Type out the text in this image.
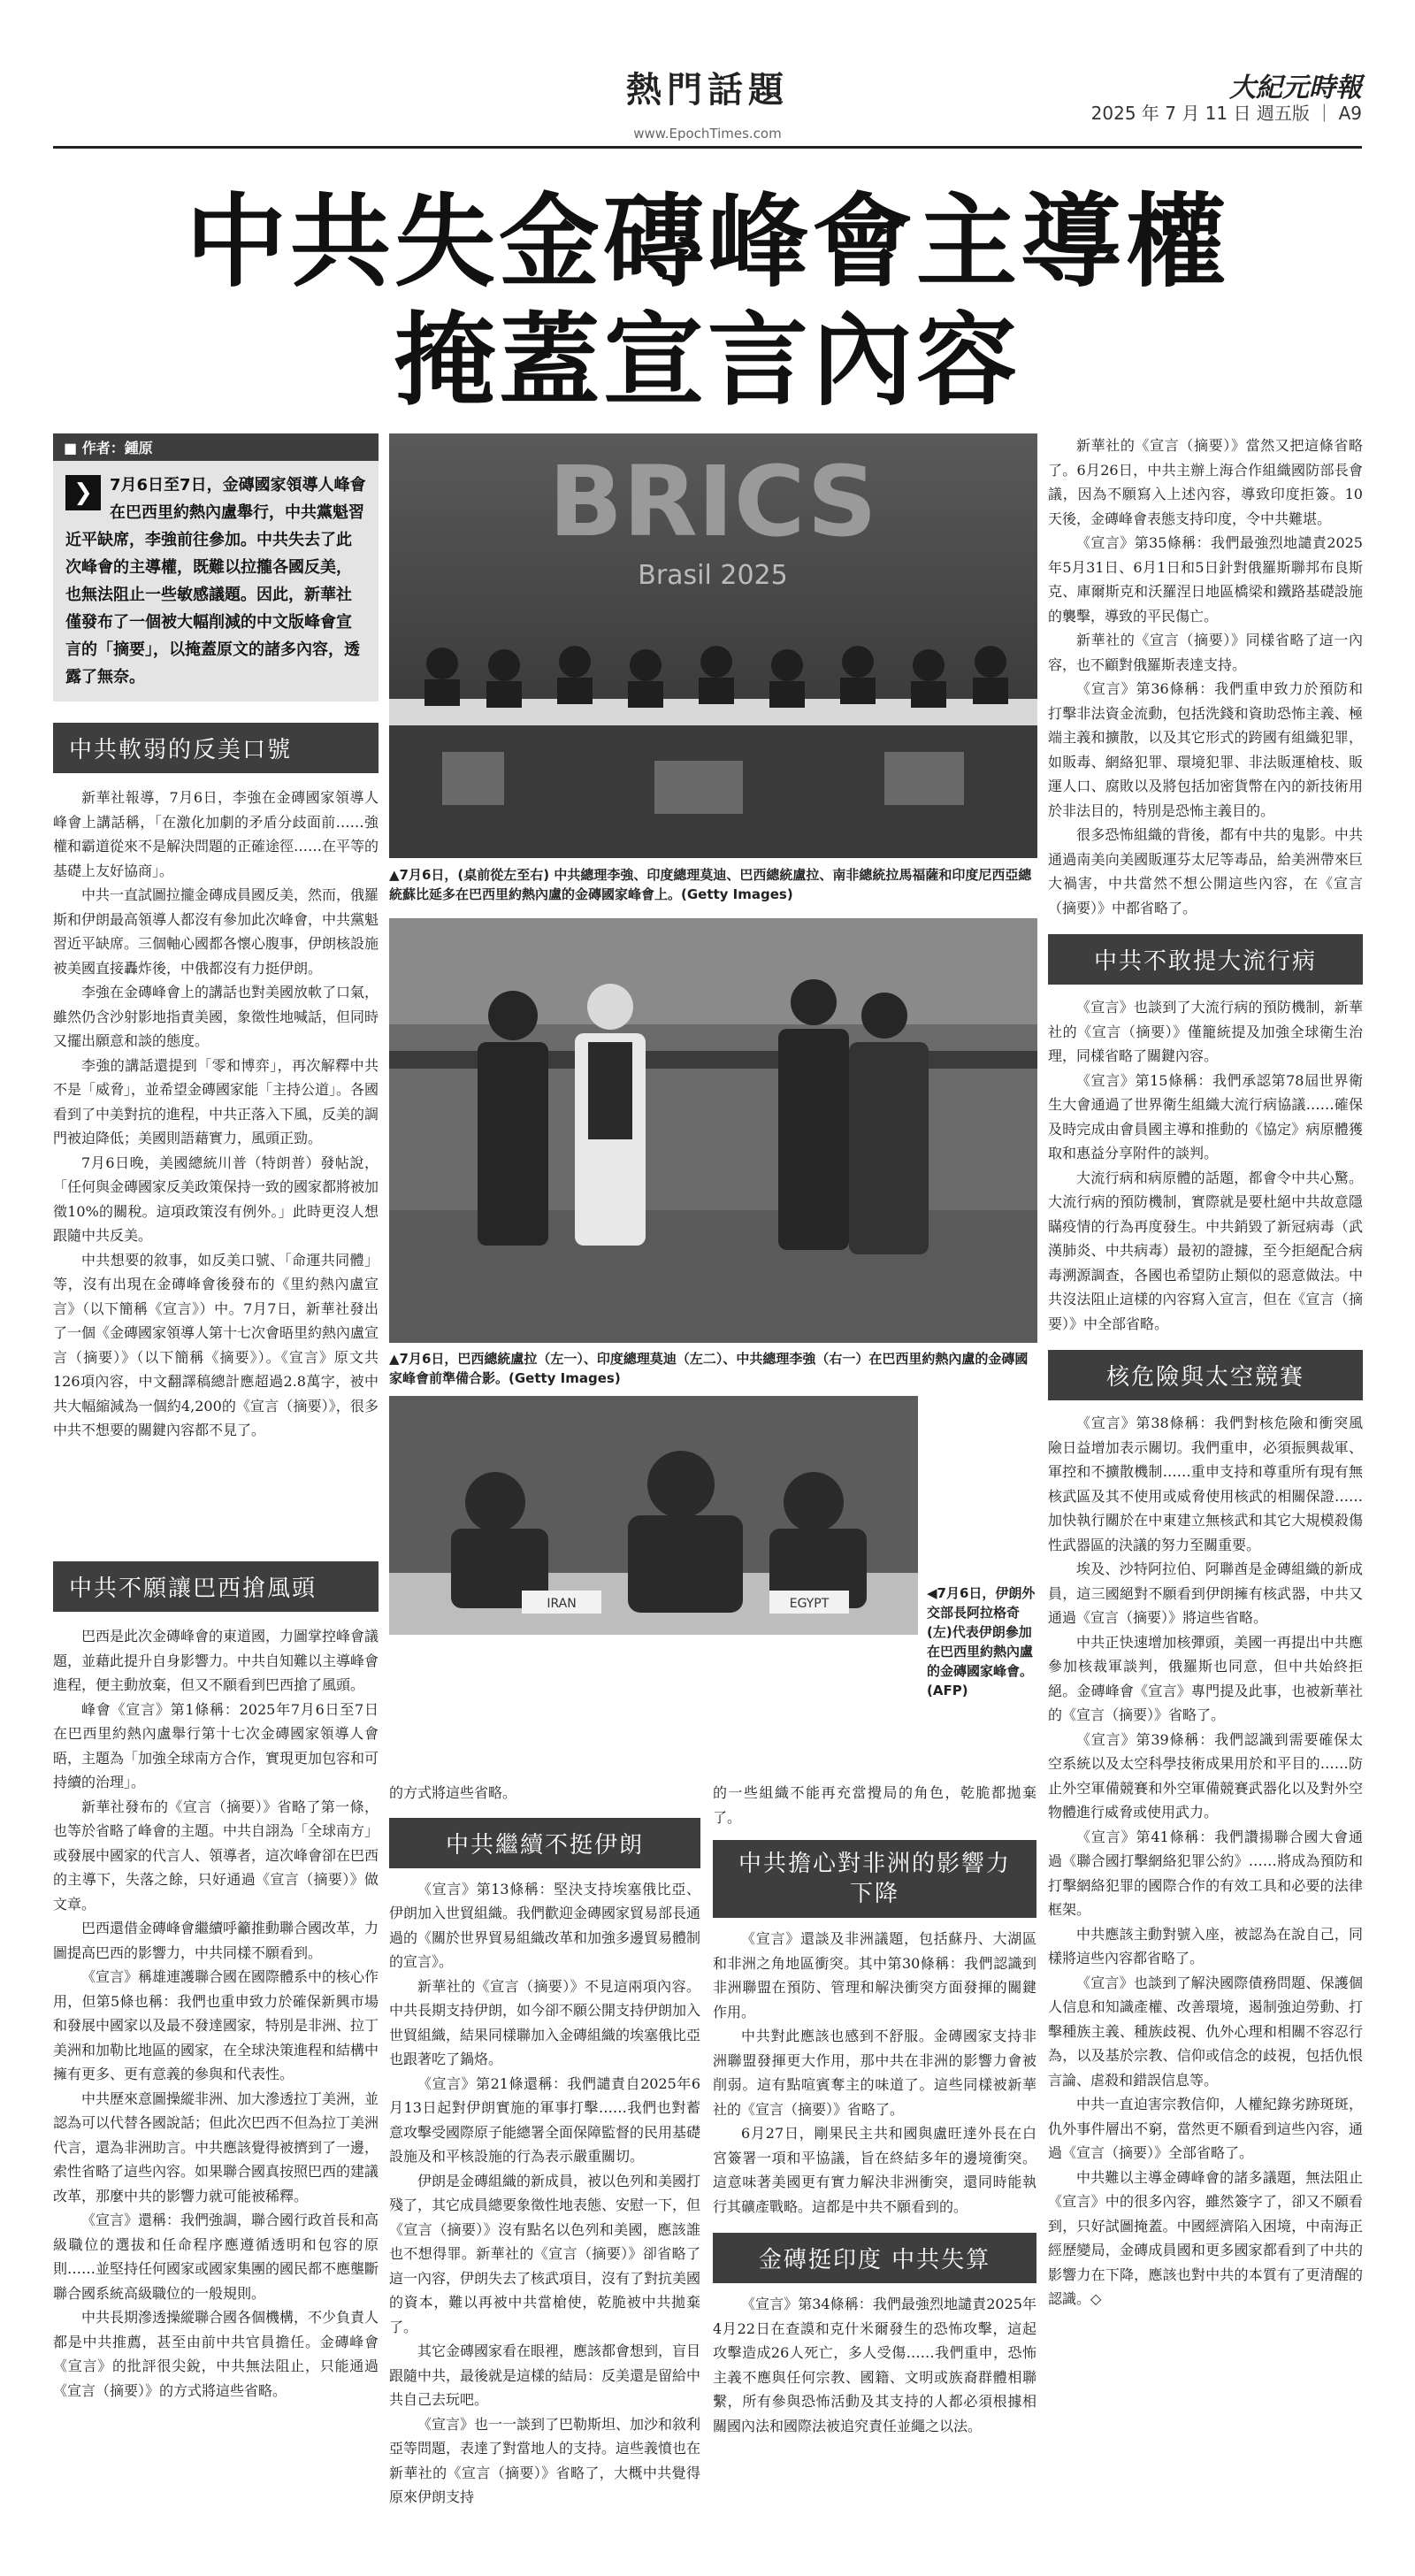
熱門話題
www.EpochTimes.com
大紀元時報
2025 年 7 月 11 日 週五版 ｜ A9
中共失金磚峰會主導權
掩蓋宣言內容
■ 作者：鍾原
❯	7月6日至7日，金磚國家領導人峰會在巴西里約熱內盧舉行，中共黨魁習近平缺席，李強前往參加。中共失去了此次峰會的主導權，既難以拉攏各國反美，也無法阻止一些敏感議題。因此，新華社僅發布了一個被大幅削減的中文版峰會宣言的「摘要」，以掩蓋原文的諸多內容，透露了無奈。
中共軟弱的反美口號

新華社報導，7月6日，李強在金磚國家領導人峰會上講話稱，「在激化加劇的矛盾分歧面前……強權和霸道從來不是解決問題的正確途徑……在平等的基礎上友好協商」。

中共一直試圖拉攏金磚成員國反美，然而，俄羅斯和伊朗最高領導人都沒有參加此次峰會，中共黨魁習近平缺席。三個軸心國都各懷心腹事，伊朗核設施被美國直接轟炸後，中俄都沒有力挺伊朗。

李強在金磚峰會上的講話也對美國放軟了口氣，雖然仍含沙射影地指責美國，象徵性地喊話，但同時又擺出願意和談的態度。

李強的講話還提到「零和博弈」，再次解釋中共不是「威脅」，並希望金磚國家能「主持公道」。各國看到了中美對抗的進程，中共正落入下風，反美的調門被迫降低；美國則語藉實力，風頭正勁。

7月6日晚，美國總統川普（特朗普）發帖說，「任何與金磚國家反美政策保持一致的國家都將被加徵10%的關稅。這項政策沒有例外。」此時更沒人想跟隨中共反美。

中共想要的敘事，如反美口號、「命運共同體」等，沒有出現在金磚峰會後發布的《里約熱內盧宣言》（以下簡稱《宣言》）中。7月7日，新華社發出了一個《金磚國家領導人第十七次會晤里約熱內盧宣言（摘要）》（以下簡稱《摘要》）。《宣言》原文共126項內容，中文翻譯稿總計應超過2.8萬字，被中共大幅縮減為一個約4,200的《宣言（摘要）》，很多中共不想要的關鍵內容都不見了。

中共不願讓巴西搶風頭

巴西是此次金磚峰會的東道國，力圖掌控峰會議題，並藉此提升自身影響力。中共自知難以主導峰會進程，便主動放棄，但又不願看到巴西搶了風頭。

峰會《宣言》第1條稱：2025年7月6日至7日在巴西里約熱內盧舉行第十七次金磚國家領導人會晤，主題為「加強全球南方合作，實現更加包容和可持續的治理」。

新華社發布的《宣言（摘要）》省略了第一條，也等於省略了峰會的主題。中共自詡為「全球南方」或發展中國家的代言人、領導者，這次峰會卻在巴西的主導下，失落之餘，只好通過《宣言（摘要）》做文章。

巴西還借金磚峰會繼續呼籲推動聯合國改革，力圖提高巴西的影響力，中共同樣不願看到。

《宣言》稱雄連護聯合國在國際體系中的核心作用，但第5條也稱：我們也重申致力於確保新興市場和發展中國家以及最不發達國家，特別是非洲、拉丁美洲和加勒比地區的國家，在全球決策進程和結構中擁有更多、更有意義的參與和代表性。

中共歷來意圖操縱非洲、加大滲透拉丁美洲，並認為可以代替各國說話；但此次巴西不但為拉丁美洲代言，還為非洲助言。中共應該覺得被擠到了一邊，索性省略了這些內容。如果聯合國真按照巴西的建議改革，那麼中共的影響力就可能被稀釋。

《宣言》還稱：我們強調，聯合國行政首長和高級職位的選拔和任命程序應遵循透明和包容的原則……並堅持任何國家或國家集團的國民都不應壟斷聯合國系統高級職位的一般規則。

中共長期滲透操縱聯合國各個機構，不少負責人都是中共推薦，甚至由前中共官員擔任。金磚峰會《宣言》的批評很尖銳，中共無法阻止，只能通過《宣言（摘要）》的方式將這些省略。

BRICS
Brasil 2025
▲7月6日，(桌前從左至右) 中共總理李強、印度總理莫迪、巴西總統盧拉、南非總統拉馬福薩和印度尼西亞總統蘇比延多在巴西里約熱內盧的金磚國家峰會上。(Getty Images)
▲7月6日，巴西總統盧拉（左一）、印度總理莫迪（左二）、中共總理李強（右一）在巴西里約熱內盧的金磚國家峰會前準備合影。(Getty Images)
IRAN	EGYPT
◀7月6日，伊朗外交部長阿拉格奇(左)代表伊朗參加在巴西里約熱內盧的金磚國家峰會。(AFP)

的方式將這些省略。

中共繼續不挺伊朗

《宣言》第13條稱：堅決支持埃塞俄比亞、伊朗加入世貿組織。我們歡迎金磚國家貿易部長通過的《關於世界貿易組織改革和加強多邊貿易體制的宣言》。

新華社的《宣言（摘要）》不見這兩項內容。中共長期支持伊朗，如今卻不願公開支持伊朗加入世貿組織，結果同樣聯加入金磚組織的埃塞俄比亞也跟著吃了鍋烙。

《宣言》第21條還稱：我們譴責自2025年6月13日起對伊朗實施的軍事打擊……我們也對蓄意攻擊受國際原子能總署全面保障監督的民用基礎設施及和平核設施的行為表示嚴重關切。

伊朗是金磚組織的新成員，被以色列和美國打殘了，其它成員總要象徵性地表態、安慰一下，但《宣言（摘要）》沒有點名以色列和美國，應該誰也不想得罪。新華社的《宣言（摘要）》卻省略了這一內容，伊朗失去了核武項目，沒有了對抗美國的資本，難以再被中共當槍使，乾脆被中共拋棄了。

其它金磚國家看在眼裡，應該都會想到，盲目跟隨中共，最後就是這樣的結局：反美還是留給中共自己去玩吧。

《宣言》也一一談到了巴勒斯坦、加沙和敘利亞等問題，表達了對當地人的支持。這些義憤也在新華社的《宣言（摘要）》省略了，大概中共覺得原來伊朗支持

的一些組織不能再充當攪局的角色，乾脆都拋棄了。

中共擔心對非洲的影響力下降

《宣言》還談及非洲議題，包括蘇丹、大湖區和非洲之角地區衝突。其中第30條稱：我們認識到非洲聯盟在預防、管理和解決衝突方面發揮的關鍵作用。

中共對此應該也感到不舒服。金磚國家支持非洲聯盟發揮更大作用，那中共在非洲的影響力會被削弱。這有點喧賓奪主的味道了。這些同樣被新華社的《宣言（摘要）》省略了。

6月27日，剛果民主共和國與盧旺達外長在白宮簽署一項和平協議，旨在終結多年的邊境衝突。這意味著美國更有實力解決非洲衝突，還同時能執行其礦產戰略。這都是中共不願看到的。

金磚挺印度 中共失算

《宣言》第34條稱：我們最強烈地譴責2025年4月22日在查謨和克什米爾發生的恐怖攻擊，這起攻擊造成26人死亡，多人受傷……我們重申，恐怖主義不應與任何宗教、國籍、文明或族裔群體相聯繫，所有參與恐怖活動及其支持的人都必須根據相關國內法和國際法被追究責任並繩之以法。

新華社的《宣言（摘要）》當然又把這條省略了。6月26日，中共主辦上海合作組織國防部長會議，因為不願寫入上述內容，導致印度拒簽。10天後，金磚峰會表態支持印度，令中共難堪。

《宣言》第35條稱：我們最強烈地譴責2025年5月31日、6月1日和5日針對俄羅斯聯邦布良斯克、庫爾斯克和沃羅涅日地區橋梁和鐵路基礎設施的襲擊，導致的平民傷亡。

新華社的《宣言（摘要）》同樣省略了這一內容，也不顧對俄羅斯表達支持。

《宣言》第36條稱：我們重申致力於預防和打擊非法資金流動，包括洗錢和資助恐怖主義、極端主義和擴散，以及其它形式的跨國有組織犯罪，如販毒、網絡犯罪、環境犯罪、非法販運槍枝、販運人口、腐敗以及將包括加密貨幣在內的新技術用於非法目的，特別是恐怖主義目的。

很多恐怖組織的背後，都有中共的鬼影。中共通過南美向美國販運芬太尼等毒品，給美洲帶來巨大禍害，中共當然不想公開這些內容，在《宣言（摘要）》中都省略了。

中共不敢提大流行病

《宣言》也談到了大流行病的預防機制，新華社的《宣言（摘要）》僅籠統提及加強全球衛生治理，同樣省略了關鍵內容。

《宣言》第15條稱：我們承認第78屆世界衛生大會通過了世界衛生組織大流行病協議……確保及時完成由會員國主導和推動的《協定》病原體獲取和惠益分享附件的談判。

大流行病和病原體的話題，都會令中共心驚。大流行病的預防機制，實際就是要杜絕中共故意隱瞞疫情的行為再度發生。中共銷毀了新冠病毒（武漢肺炎、中共病毒）最初的證據，至今拒絕配合病毒溯源調查，各國也希望防止類似的惡意做法。中共沒法阻止這樣的內容寫入宣言，但在《宣言（摘要）》中全部省略。

核危險與太空競賽

《宣言》第38條稱：我們對核危險和衝突風險日益增加表示關切。我們重申，必須振興裁軍、軍控和不擴散機制……重申支持和尊重所有現有無核武區及其不使用或威脅使用核武的相關保證……加快執行關於在中東建立無核武和其它大規模殺傷性武器區的決議的努力至關重要。

埃及、沙特阿拉伯、阿聯酋是金磚組織的新成員，這三國絕對不願看到伊朗擁有核武器，中共又通過《宣言（摘要）》將這些省略。

中共正快速增加核彈頭，美國一再提出中共應參加核裁軍談判，俄羅斯也同意，但中共始終拒絕。金磚峰會《宣言》專門提及此事，也被新華社的《宣言（摘要）》省略了。

《宣言》第39條稱：我們認識到需要確保太空系統以及太空科學技術成果用於和平目的……防止外空軍備競賽和外空軍備競賽武器化以及對外空物體進行威脅或使用武力。

《宣言》第41條稱：我們讚揚聯合國大會通過《聯合國打擊網絡犯罪公約》……將成為預防和打擊網絡犯罪的國際合作的有效工具和必要的法律框架。

中共應該主動對號入座，被認為在說自己，同樣將這些內容都省略了。

《宣言》也談到了解決國際債務問題、保護個人信息和知識產權、改善環境，遏制強迫勞動、打擊種族主義、種族歧視、仇外心理和相關不容忍行為，以及基於宗教、信仰或信念的歧視，包括仇恨言論、虐殺和錯誤信息等。

中共一直迫害宗教信仰，人權紀錄劣跡斑斑，仇外事件層出不窮，當然更不願看到這些內容，通過《宣言（摘要）》全部省略了。

中共難以主導金磚峰會的諸多議題，無法阻止《宣言》中的很多內容，雖然簽字了，卻又不願看到，只好試圖掩蓋。中國經濟陷入困境，中南海正經歷變局，金磚成員國和更多國家都看到了中共的影響力在下降，應該也對中共的本質有了更清醒的認識。◇
